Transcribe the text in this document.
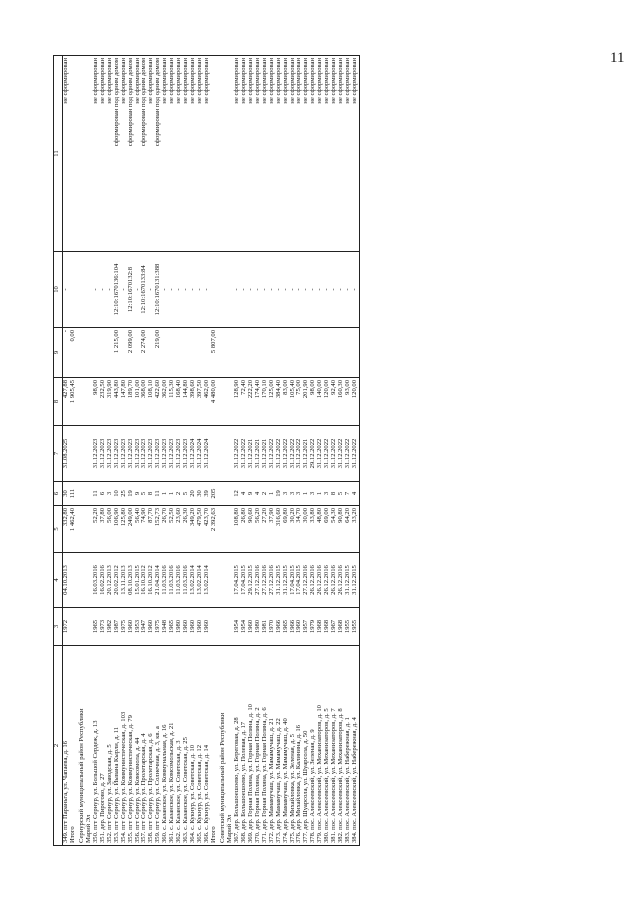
11
2	3	4	5	6	7	8	9	10	11
349. пгт Параньга, ул. Чапаева, д. 16	1972	04.10.2013	332,80	30	31.08.2025	427,88	-	-	не сформирован
Итого			1 462,40	111		1 905,45	0,00		
Сернурский муниципальный район Республики									
Марий Эл									
350. пгт Сернур, ул. Большой Сердеж, д. 13	1965	16.03.2016	52,20	11	31.12.2023	98,00		-	не сформирован
351. дер. Пирогово, д. 27	1973	16.02.2016	37,80	6	31.12.2023	232,50		-	не сформирован
352. пгт Сернур, ул. Заводская, д. 5	1982	20.12.2013	56,00	3	31.12.2023	319,90		-	не сформирован
353. пгт Сернур, ул. Йывана Кырли, д. 11	1987	20.02.2012	106,90	10	31.12.2023	443,80	1 215,00	12:10:1670136:104	сформирован под одним домом
354. пгт Сернур, ул. Коммунистическая, д. 103	1975	13.11.2013	125,80	25	31.12.2023	147,80		-	не сформирован
355. пгт Сернур, ул. Коммунистическая, д. 79	1960	08.10.2013	249,00	19	31.12.2023	189,70	2 099,00	12:10:1670132:8	сформирован под одним домом
356. пгт Сернур, ул. Комсомола, д. 44	1953	15.01.2015	56,40	9	31.12.2023	101,00		-	не сформирован
357. пгт Сернур, ул. Пролетарская, д. 4	1947	16.10.2012	74,90	5	31.12.2023	368,00	2 274,00	12:10:1670133:84	сформирован под одним домом
358. пгт Сернур, ул. Пролетарская, д. 6	1960	16.10.2012	87,70	8	31.12.2023	108,10		-	не сформирован
359. пгт Сернур, ул. Солнечная, д. 3, кв. а	1975	21.04.2014	152,73	11	31.12.2023	422,60	219,00	12:10:1670131:388	сформирован под одним домом
360. с. Казанское, ул. Коммунальная, д. 16	1948	11.03.2016	26,70	1	31.12.2023	362,00		-	не сформирован
361. с. Казанское, ул. Комсомольская, д. 21	1965	11.03.2016	52,50	1	31.12.2023	115,30		-	не сформирован
362. с. Казанское, ул. Советская, д. 3	1980	11.03.2016	23,60	2	31.12.2023	168,40		-	не сформирован
363. с. Казанское, ул. Советская, д. 25	1960	11.03.2016	26,30	5	31.12.2023	144,80		-	не сформирован
364. с. Кукнур, ул. Советская, д. 10	1960	13.02.2014	349,20	20	31.12.2024	398,60		-	не сформирован
365. с. Кукнур, ул. Советская, д. 12	1960	13.02.2014	479,50	30	31.12.2024	397,50		-	не сформирован
366. с. Кукнур, ул. Советская, д. 14	1960	13.02.2014	423,70	39	31.12.2024	462,00		-	не сформирован
Итого			2 392,63	205		4 480,00	5 807,00		
Советский муниципальный район Республики									
Марий Эл									
367. дер. Большоешоево, ул. Береговая, д. 28	1954	17.04.2015	108,80	12	31.12.2022	128,90		-	не сформирован
368. дер. Большоешоево, ул. Полевая, д. 17	1954	17.04.2015	26,80	4	31.12.2022	72,40		-	не сформирован
369. дер. Горная Поляна, ул. Горная Поляна, д. 10	1960	29.12.2015	90,60	9	31.12.2021	222,20		-	не сформирован
370. дер. Горная Поляна, ул. Горная Поляна, д. 2	1980	27.12.2016	56,20	4	31.12.2021	174,40		-	не сформирован
371. дер. Горная Поляна, ул. Горная Поляна, д. 6	1981	27.12.2016	27,20	2	31.12.2021	170,10		-	не сформирован
372. дер. Мамамучаш, ул. Мамамучаш, д. 21	1970	27.12.2016	37,90	1	31.12.2022	125,00		-	не сформирован
373. дер. Мамамучаш, ул. Мамамучаш, д. 22	1966	31.12.2015	316,60	19	31.12.2022	384,40		-	не сформирован
374. дер. Мамамучаш, ул. Мамамучаш, д. 40	1965	31.12.2015	69,80	3	31.12.2022	83,00		-	не сформирован
375. дер. Михайловка, ул. Зеленая, д. 5	1966	17.04.2015	30,20	3	31.12.2022	105,40		-	не сформирован
376. дер. Михайловка, ул. Калинина, д. 16	1960	17.04.2015	34,70	3	31.12.2022	75,00		-	не сформирован
377. дер. Шуарсола, ул. Шуарсола, д. 50	1957	27.12.2016	30,00	1	31.12.2021	201,90		-	не сформирован
378. пос. Алексеевский, ул. Зеленая, д. 9	1979	26.12.2016	33,80	3	29.12.2022	98,00		-	не сформирован
379. пос. Алексеевский, ул. Механизаторов, д. 10	1968	26.12.2016	48,80	1	31.12.2022	140,00		-	не сформирован
380. пос. Алексеевский, ул. Механизаторов, д. 5	1968	26.12.2016	69,00	3	31.12.2022	120,00		-	не сформирован
381. пос. Алексеевский, ул. Механизаторов, д. 7	1967	26.12.2016	54,30	8	31.12.2022	92,40		-	не сформирован
382. пос. Алексеевский, ул. Механизаторов, д. 8	1968	26.12.2016	90,80	5	31.12.2022	160,30		-	не сформирован
383. пос. Алексеевский, ул. Набережная, д. 1	1955	31.12.2015	64,20	7	31.12.2022	93,00		-	не сформирован
384. пос. Алексеевский, ул. Набережная, д. 4	1955	31.12.2015	33,20	4	31.12.2022	120,00		-	не сформирован
